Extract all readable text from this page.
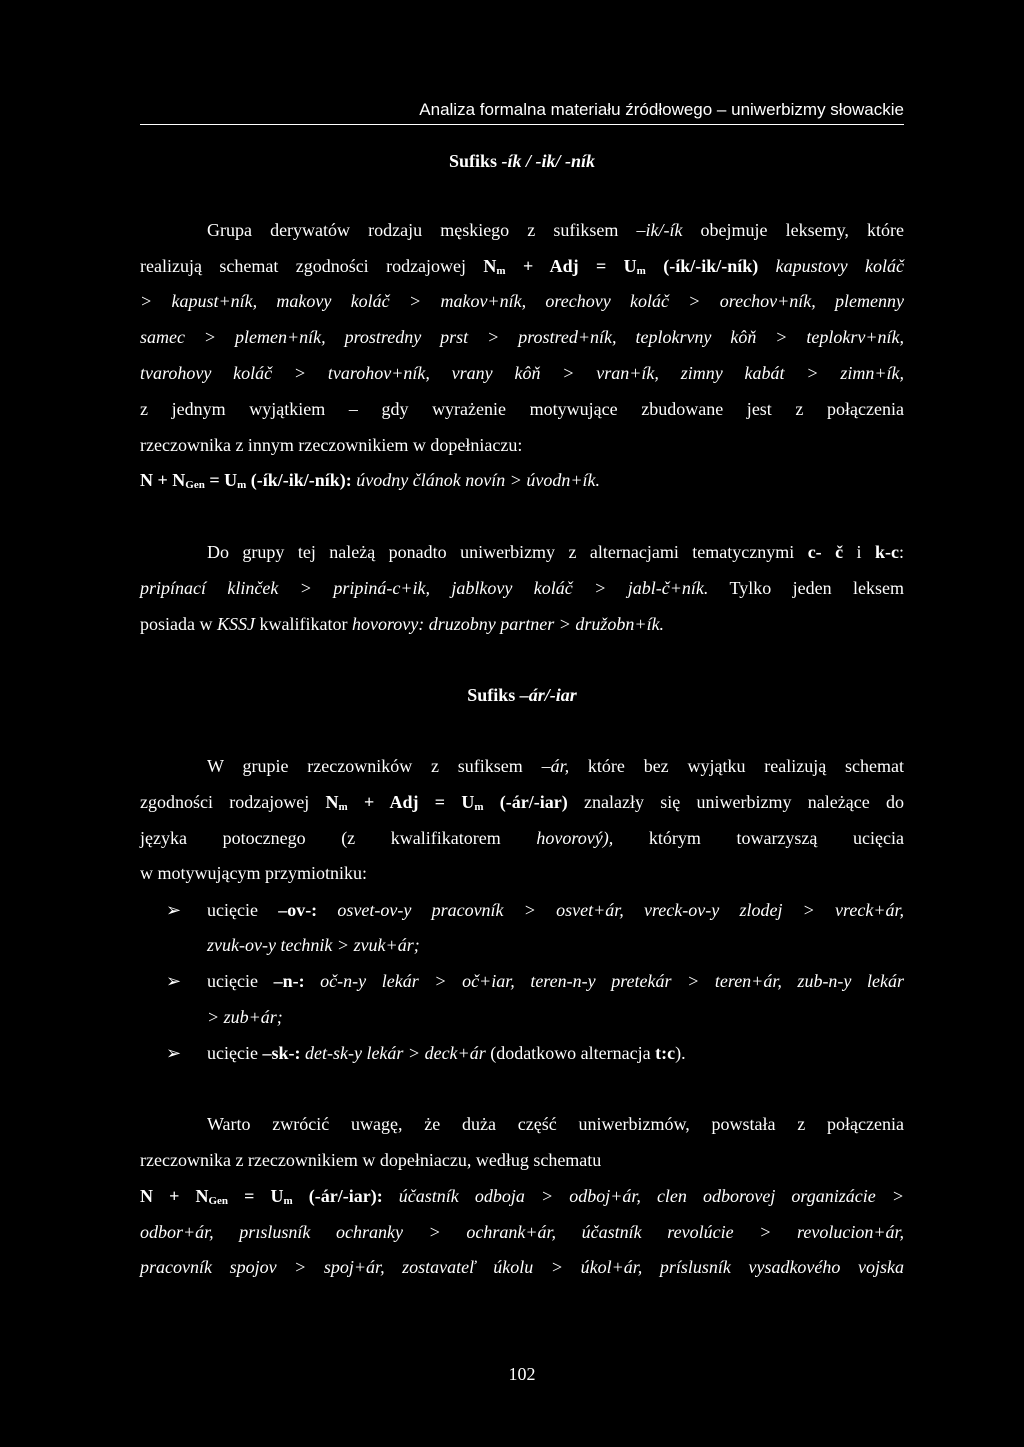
Analiza formalna materiału źródłowego – uniwerbizmy słowackie
Sufiks -ík / -ik/ -ník
Grupa derywatów rodzaju męskiego z sufiksem –ik/-ík obejmuje leksemy, które
realizują schemat zgodności rodzajowej $N_m$ + Adj = $U_m$ (-ík/-ik/-ník) kapustovy koláč
> kapust+ník, makovy koláč > makov+ník, orechovy koláč > orechov+ník, plemenny
samec > plemen+ník, prostredny prst > prostred+ník, teplokrvny kôň > teplokrv+ník,
tvarohovy koláč > tvarohov+ník, vrany kôň > vran+ík, zimny kabát > zimn+ík,
z jednym wyjątkiem – gdy wyrażenie motywujące zbudowane jest z połączenia
rzeczownika z innym rzeczownikiem w dopełniaczu:
$N + N_{Gen} = U_m$ (-ík/-ik/-ník): úvodny článok novín > úvodn+ík.
Do grupy tej należą ponadto uniwerbizmy z alternacjami tematycznymi c- č i k-c:
pripínací klinček > pripiná-c+ik, jablkovy koláč > jabl-č+ník. Tylko jeden leksem
posiada w KSSJ kwalifikator hovorovy: druzobny partner > družobn+ík.
Sufiks –ár/-iar
W grupie rzeczowników z sufiksem –ár, które bez wyjątku realizują schemat
zgodności rodzajowej $N_m$ + Adj = $U_m$ (-ár/-iar) znalazły się uniwerbizmy należące do
języka potocznego (z kwalifikatorem hovorový), którym towarzyszą ucięcia
w motywującym przymiotniku:
➢ ucięcie –ov-: osvet-ov-y pracovník > osvet+ár, vreck-ov-y zlodej > vreck+ár,
zvuk-ov-y technik > zvuk+ár;
➢ ucięcie –n-: oč-n-y lekár > oč+iar, teren-n-y pretekár > teren+ár, zub-n-y lekár
> zub+ár;
➢ ucięcie –sk-: det-sk-y lekár > deck+ár (dodatkowo alternacja t:c).
Warto zwrócić uwagę, że duża część uniwerbizmów, powstała z połączenia
rzeczownika z rzeczownikiem w dopełniaczu, według schematu
$N + N_{Gen} = U_m$ (-ár/-iar): účastník odboja > odboj+ár, clen odborovej organizácie >
odbor+ár, prıslusník ochranky > ochrank+ár, účastník revolúcie > revolucion+ár,
pracovník spojov > spoj+ár, zostavateľ úkolu > úkol+ár, príslusník vysadkového vojska
102
